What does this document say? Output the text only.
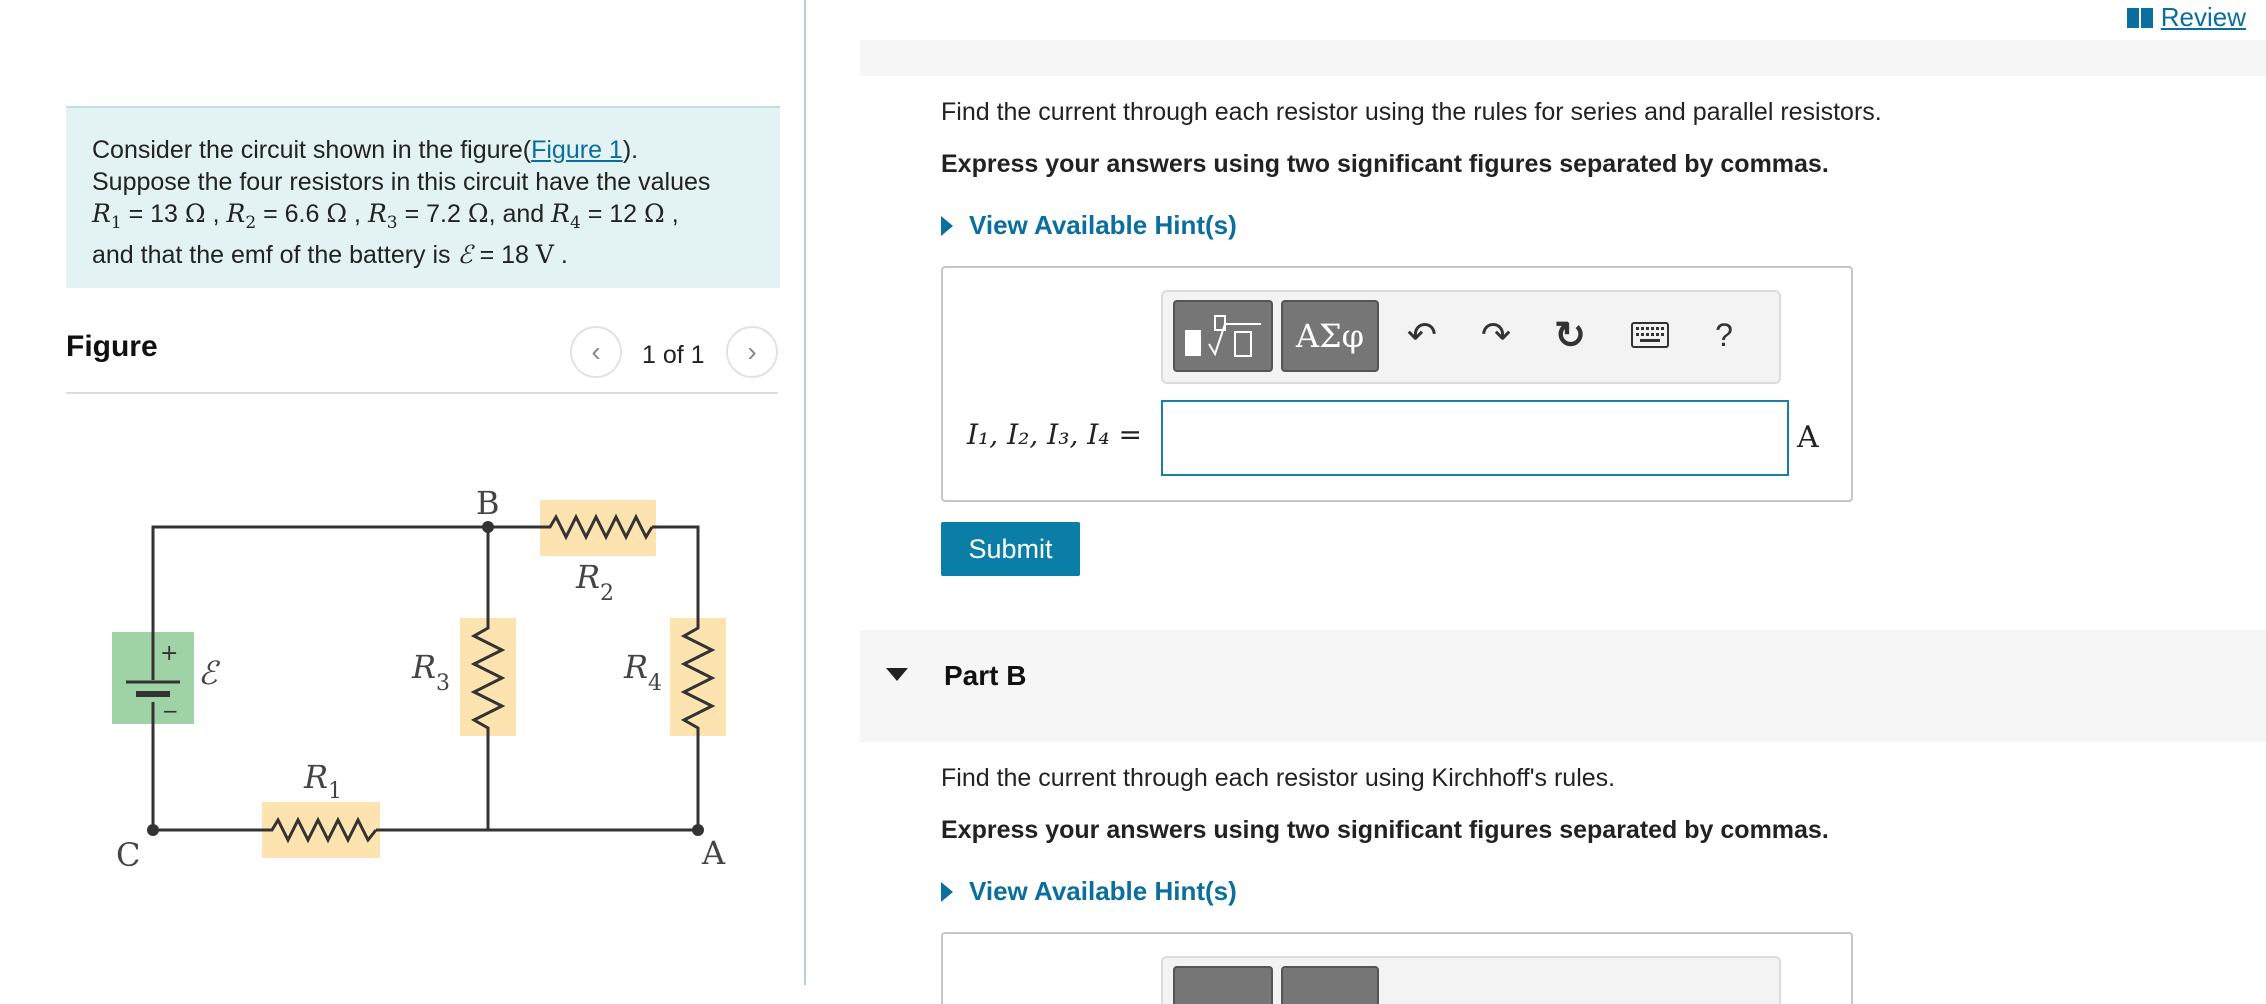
Consider the circuit shown in the figure(Figure 1).
Suppose the four resistors in this circuit have the values
$R_1 = 13$ Ω , $R_2 = 6.6$ Ω , $R_3 = 7.2$ Ω, and $R_4 = 12$ Ω ,
and that the emf of the battery is ℰ = 18 V .
Figure	‹ 1 of 1 ›
B
C	A
ℰ
R 2
R 3	R 4
R 1
+
−
Review
Find the current through each resistor using the rules for series and parallel resistors.
Express your answers using two significant figures separated by commas.
View Available Hint(s)
ΑΣφ	↶ ↷ ↻	?
I₁, I₂, I₃, I₄ =	A
Submit
Part B
Find the current through each resistor using Kirchhoff's rules.
Express your answers using two significant figures separated by commas.
View Available Hint(s)
